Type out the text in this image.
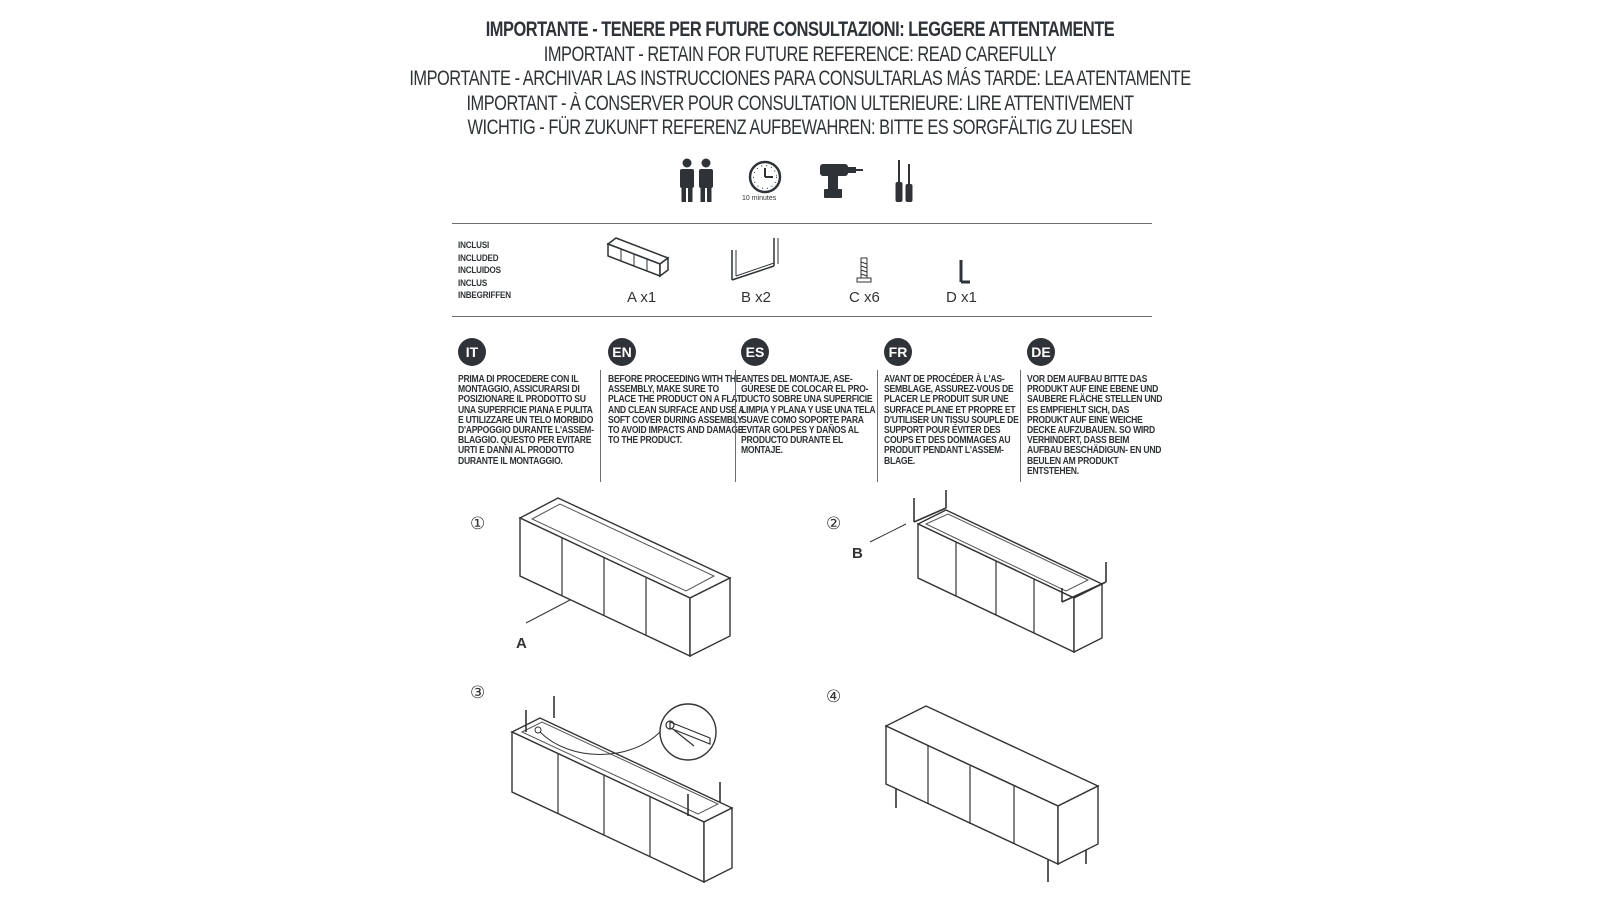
IMPORTANTE - TENERE PER FUTURE CONSULTAZIONI: LEGGERE ATTENTAMENTE
IMPORTANT - RETAIN FOR FUTURE REFERENCE: READ CAREFULLY
IMPORTANTE - ARCHIVAR LAS INSTRUCCIONES PARA CONSULTARLAS MÁS TARDE: LEA ATENTAMENTE
IMPORTANT - À CONSERVER POUR CONSULTATION ULTERIEURE: LIRE ATTENTIVEMENT
WICHTIG - FÜR ZUKUNFT REFERENZ AUFBEWAHREN: BITTE ES SORGFÄLTIG ZU LESEN
10 minutes
INCLUSI
INCLUDED
INCLUIDOS
INCLUS
INBEGRIFFEN	A x1	B x2	C x6	D x1
IT
PRIMA DI PROCEDERE CON IL MONTAGGIO, ASSICURARSI DI POSIZIONARE IL PRODOTTO SU UNA SUPERFICIE PIANA E PULITA E UTILIZZARE UN TELO MORBIDO D'APPOGGIO DURANTE L'ASSEM- BLAGGIO. QUESTO PER EVITARE URTI E DANNI AL PRODOTTO DURANTE IL MONTAGGIO.
EN
BEFORE PROCEEDING WITH THE ASSEMBLY, MAKE SURE TO PLACE THE PRODUCT ON A FLAT AND CLEAN SURFACE AND USE A SOFT COVER DURING ASSEMBLY TO AVOID IMPACTS AND DAMAGE TO THE PRODUCT.
ES
ANTES DEL MONTAJE, ASE- GÚRESE DE COLOCAR EL PRO- DUCTO SOBRE UNA SUPERFICIE LIMPIA Y PLANA Y USE UNA TELA SUAVE COMO SOPORTE PARA EVITAR GOLPES Y DAÑOS AL PRODUCTO DURANTE EL MONTAJE.
FR
AVANT DE PROCÉDER À L'AS- SEMBLAGE, ASSUREZ-VOUS DE PLACER LE PRODUIT SUR UNE SURFACE PLANE ET PROPRE ET D'UTILISER UN TISSU SOUPLE DE SUPPORT POUR ÉVITER DES COUPS ET DES DOMMAGES AU PRODUIT PENDANT L'ASSEM- BLAGE.
DE
VOR DEM AUFBAU BITTE DAS PRODUKT AUF EINE EBENE UND SAUBERE FLÄCHE STELLEN UND ES EMPFIEHLT SICH, DAS PRODUKT AUF EINE WEICHE DECKE AUFZUBAUEN. SO WIRD VERHINDERT, DASS BEIM AUFBAU BESCHÄDIGUN- EN UND BEULEN AM PRODUKT ENTSTEHEN.
①
A
②
B
③	④
